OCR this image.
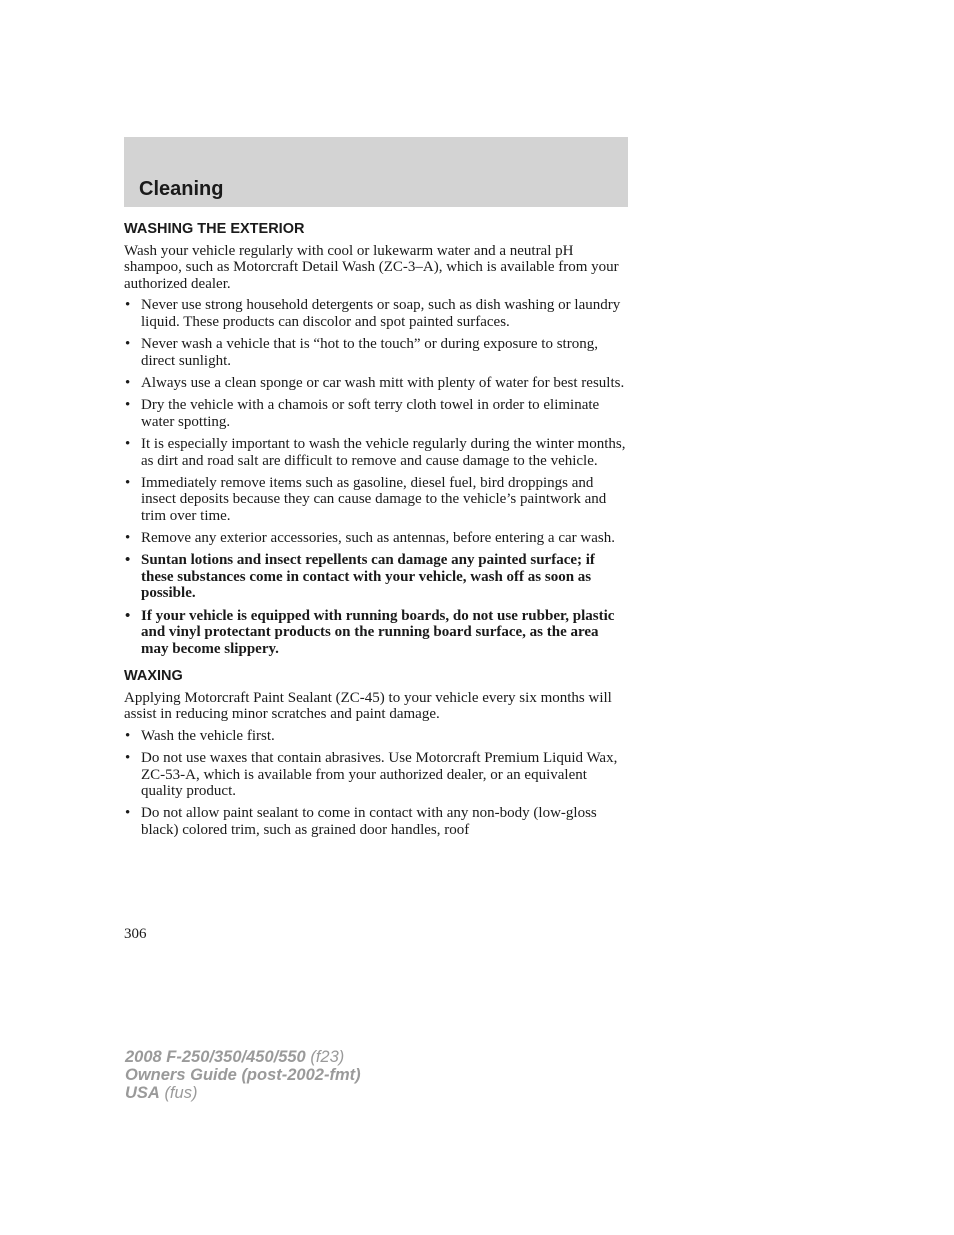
Cleaning
WASHING THE EXTERIOR

Wash your vehicle regularly with cool or lukewarm water and a neutral pH shampoo, such as Motorcraft Detail Wash (ZC-3–A), which is available from your authorized dealer.

• Never use strong household detergents or soap, such as dish washing or laundry liquid. These products can discolor and spot painted surfaces.
• Never wash a vehicle that is “hot to the touch” or during exposure to strong, direct sunlight.
• Always use a clean sponge or car wash mitt with plenty of water for best results.
• Dry the vehicle with a chamois or soft terry cloth towel in order to eliminate water spotting.
• It is especially important to wash the vehicle regularly during the winter months, as dirt and road salt are difficult to remove and cause damage to the vehicle.
• Immediately remove items such as gasoline, diesel fuel, bird droppings and insect deposits because they can cause damage to the vehicle’s paintwork and trim over time.
• Remove any exterior accessories, such as antennas, before entering a car wash.
• Suntan lotions and insect repellents can damage any painted surface; if these substances come in contact with your vehicle, wash off as soon as possible.
• If your vehicle is equipped with running boards, do not use rubber, plastic and vinyl protectant products on the running board surface, as the area may become slippery.
WAXING

Applying Motorcraft Paint Sealant (ZC-45) to your vehicle every six months will assist in reducing minor scratches and paint damage.

• Wash the vehicle first.
• Do not use waxes that contain abrasives. Use Motorcraft Premium Liquid Wax, ZC-53-A, which is available from your authorized dealer, or an equivalent quality product.
• Do not allow paint sealant to come in contact with any non-body (low-gloss black) colored trim, such as grained door handles, roof
306
2008 F-250/350/450/550 (f23)
Owners Guide (post-2002-fmt)
USA (fus)
